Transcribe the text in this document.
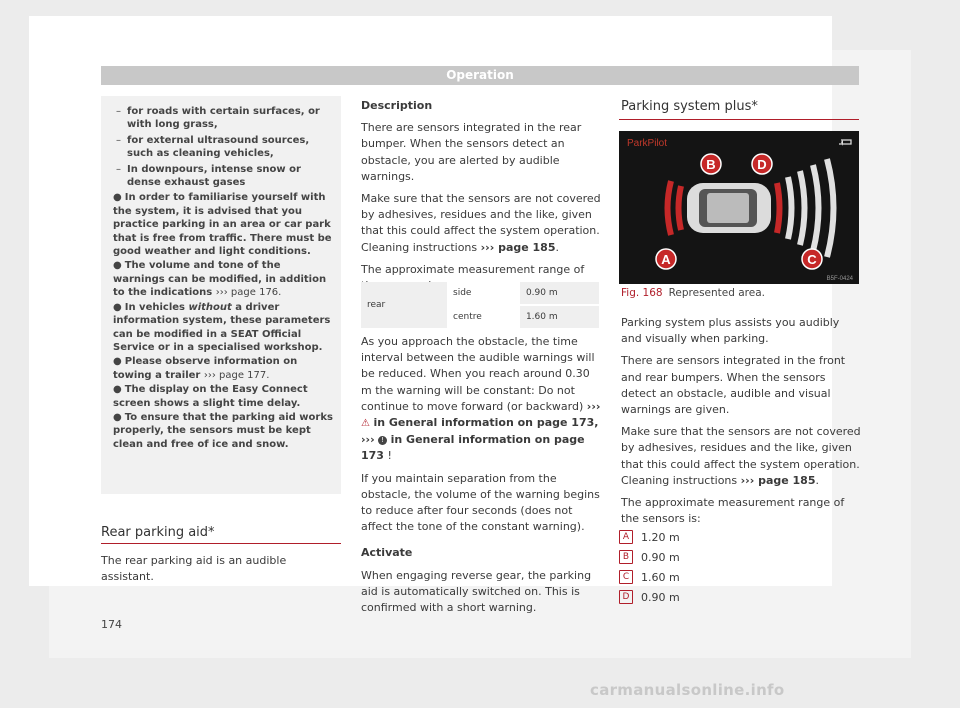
Operation
– for roads with certain surfaces, or with long grass,
– for external ultrasound sources, such as cleaning vehicles,
– In downpours, intense snow or dense exhaust gases
● In order to familiarise yourself with the system, it is advised that you practice parking in an area or car park that is free from traffic. There must be good weather and light conditions.
● The volume and tone of the warnings can be modified, in addition to the indications ››› page 176.
● In vehicles without a driver information system, these parameters can be modified in a SEAT Official Service or in a specialised workshop.
● Please observe information on towing a trailer ››› page 177.
● The display on the Easy Connect screen shows a slight time delay.
● To ensure that the parking aid works properly, the sensors must be kept clean and free of ice and snow.
Rear parking aid*
The rear parking aid is an audible assistant.

Description

There are sensors integrated in the rear bumper. When the sensors detect an obstacle, you are alerted by audible warnings.

Make sure that the sensors are not covered by adhesives, residues and the like, given that this could affect the system operation. Cleaning instructions ››› page 185.

The approximate measurement range of

rear	side	0.90 m
	centre	1.60 m

As you approach the obstacle, the time interval between the audible warnings will be reduced. When you reach around 0.30 m the warning will be constant: Do not continue to move forward (or backward) ››› ⚠ in General information on page 173, ››› ! in General information on page 173 !

If you maintain separation from the obstacle, the volume of the warning begins to reduce after four seconds (does not affect the tone of the constant warning).

Activate

When engaging reverse gear, the parking aid is automatically switched on. This is confirmed with a short warning.

Parking system plus*
ParkPilot
B	D
A	C
B5F-0424
Fig. 168 Represented area.

Parking system plus assists you audibly and visually when parking.

There are sensors integrated in the front and rear bumpers. When the sensors detect an obstacle, audible and visual warnings are given.

Make sure that the sensors are not covered by adhesives, residues and the like, given that this could affect the system operation. Cleaning instructions ››› page 185.

The approximate measurement range of the sensors is:

A	1.20 m
B	0.90 m
C	1.60 m
D	0.90 m
174
carmanualsonline.info
